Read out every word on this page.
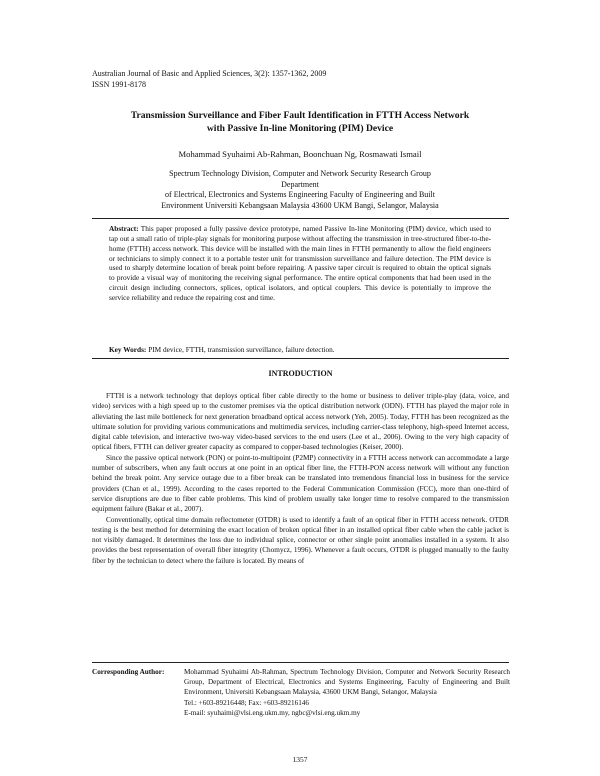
Australian Journal of Basic and Applied Sciences, 3(2): 1357-1362, 2009
ISSN 1991-8178
Transmission Surveillance and Fiber Fault Identification in FTTH Access Network
with Passive In-line Monitoring (PIM) Device
Mohammad Syuhaimi Ab-Rahman, Boonchuan Ng, Rosmawati Ismail
Spectrum Technology Division, Computer and Network Security Research Group Department
of Electrical, Electronics and Systems Engineering Faculty of Engineering and Built
Environment Universiti Kebangsaan Malaysia 43600 UKM Bangi, Selangor, Malaysia
Abstract: This paper proposed a fully passive device prototype, named Passive In-line Monitoring (PIM) device, which used to tap out a small ratio of triple-play signals for monitoring purpose without affecting the transmission in tree-structured fiber-to-the-home (FTTH) access network. This device will be installed with the main lines in FTTH permanently to allow the field engineers or technicians to simply connect it to a portable tester unit for transmission surveillance and failure detection. The PIM device is used to sharply determine location of break point before repairing. A passive taper circuit is required to obtain the optical signals to provide a visual way of monitoring the receiving signal performance. The entire optical components that had been used in the circuit design including connectors, splices, optical isolators, and optical couplers. This device is potentially to improve the service reliability and reduce the repairing cost and time.
Key Words: PIM device, FTTH, transmission surveillance, failure detection.
INTRODUCTION

FTTH is a network technology that deploys optical fiber cable directly to the home or business to deliver triple-play (data, voice, and video) services with a high speed up to the customer premises via the optical distribution network (ODN). FTTH has played the major role in alleviating the last mile bottleneck for next generation broadband optical access network (Yeh, 2005). Today, FTTH has been recognized as the ultimate solution for providing various communications and multimedia services, including carrier-class telephony, high-speed Internet access, digital cable television, and interactive two-way video-based services to the end users (Lee et al., 2006). Owing to the very high capacity of optical fibers, FTTH can deliver greater capacity as compared to copper-based technologies (Keiser, 2000).

Since the passive optical network (PON) or point-to-multipoint (P2MP) connectivity in a FTTH access network can accommodate a large number of subscribers, when any fault occurs at one point in an optical fiber line, the FTTH-PON access network will without any function behind the break point. Any service outage due to a fiber break can be translated into tremendous financial loss in business for the service providers (Chan et al., 1999). According to the cases reported to the Federal Communication Commission (FCC), more than one-third of service disruptions are due to fiber cable problems. This kind of problem usually take longer time to resolve compared to the transmission equipment failure (Bakar et al., 2007).

Conventionally, optical time domain reflectometer (OTDR) is used to identify a fault of an optical fiber in FTTH access network. OTDR testing is the best method for determining the exact location of broken optical fiber in an installed optical fiber cable when the cable jacket is not visibly damaged. It determines the loss due to individual splice, connector or other single point anomalies installed in a system. It also provides the best representation of overall fiber integrity (Chomycz, 1996). Whenever a fault occurs, OTDR is plugged manually to the faulty fiber by the technician to detect where the failure is located. By means of

Corresponding Author:	Mohammad Syuhaimi Ab-Rahman, Spectrum Technology Division, Computer and Network Security Research Group, Department of Electrical, Electronics and Systems Engineering, Faculty of Engineering and Built Environment, Universiti Kebangsaan Malaysia, 43600 UKM Bangi, Selangor, Malaysia
Tel.: +603-89216448; Fax: +603-89216146
E-mail: syuhaimi@vlsi.eng.ukm.my, ngbc@vlsi.eng.ukm.my
1357
